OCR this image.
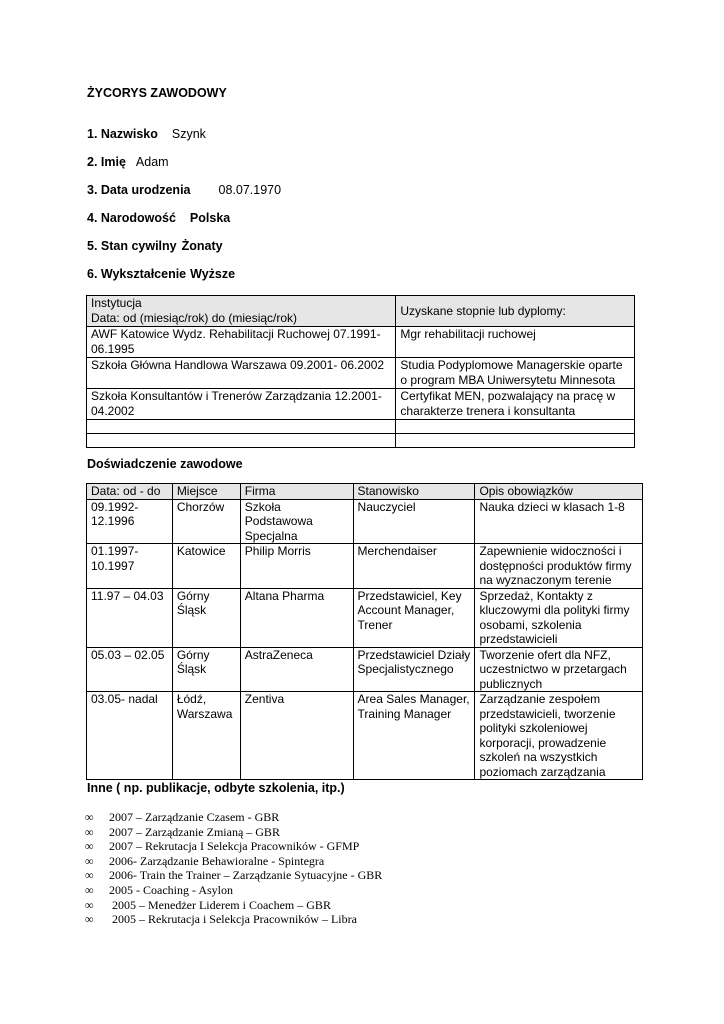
ŻYCORYS ZAWODOWY
1. Nazwisko Szynk
2. Imię Adam
3. Data urodzenia 08.07.1970
4. Narodowość Polska
5. Stan cywilny Żonaty
6. Wykształcenie Wyższe
Instytucja
Data: od (miesiąc/rok) do (miesiąc/rok)	Uzyskane stopnie lub dyplomy:
AWF Katowice Wydz. Rehabilitacji Ruchowej 07.1991-06.1995	Mgr rehabilitacji ruchowej
Szkoła Główna Handlowa Warszawa 09.2001- 06.2002	Studia Podyplomowe Managerskie oparte o program MBA Uniwersytetu Minnesota
Szkoła Konsultantów i Trenerów Zarządzania 12.2001- 04.2002	Certyfikat MEN, pozwalający na pracę w charakterze trenera i konsultanta

Doświadczenie zawodowe
Data: od - do	Miejsce	Firma	Stanowisko	Opis obowiązków
09.1992-12.1996	Chorzów	Szkoła Podstawowa Specjalna	Nauczyciel	Nauka dzieci w klasach 1-8
01.1997-10.1997	Katowice	Philip Morris	Merchendaiser	Zapewnienie widoczności i dostępności produktów firmy na wyznaczonym terenie
11.97 – 04.03	Górny Śląsk	Altana Pharma	Przedstawiciel, Key Account Manager, Trener	Sprzedaż, Kontakty z kluczowymi dla polityki firmy osobami, szkolenia przedstawicieli
05.03 – 02.05	Górny Śląsk	AstraZeneca	Przedstawiciel Działy Specjalistycznego	Tworzenie ofert dla NFZ, uczestnictwo w przetargach publicznych
03.05- nadal	Łódź, Warszawa	Zentiva	Area Sales Manager, Training Manager	Zarządzanie zespołem przedstawicieli, tworzenie polityki szkoleniowej korporacji, prowadzenie szkoleń na wszystkich poziomach zarządzania
Inne ( np. publikacje, odbyte szkolenia, itp.)
∞ 2007 – Zarządzanie Czasem - GBR
∞ 2007 – Zarządzanie Zmianą – GBR
∞ 2007 – Rekrutacja I Selekcja Pracowników - GFMP
∞ 2006- Zarządzanie Behawioralne - Spintegra
∞ 2006- Train the Trainer – Zarządzanie Sytuacyjne - GBR
∞ 2005 - Coaching - Asylon
∞ 2005 – Menedżer Liderem i Coachem – GBR
∞ 2005 – Rekrutacja i Selekcja Pracowników – Libra
